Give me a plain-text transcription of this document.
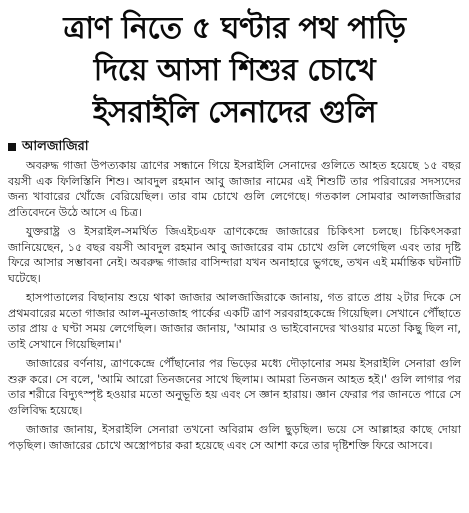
ত্রাণ নিতে ৫ ঘণ্টার পথ পাড়ি
দিয়ে আসা শিশুর চোখে
ইসরাইলি সেনাদের গুলি
আলজাজিরা

অবরুদ্ধ গাজা উপত্যকায় ত্রাণের সন্ধানে গিয়ে ইসরাইলি সেনাদের গুলিতে আহত হয়েছে ১৫ বছর বয়সী এক ফিলিস্তিনি শিশু। আবদুল রহমান আবু জাজার নামের এই শিশুটি তার পরিবারের সদস্যদের জন্য খাবারের খোঁজে বেরিয়েছিল। তার বাম চোখে গুলি লেগেছে। গতকাল সোমবার আলজাজিরার প্রতিবেদনে উঠে আসে এ চিত্র।

যুক্তরাষ্ট্র ও ইসরাইল-সমর্থিত জিএইচএফ ত্রাণকেন্দ্রে জাজারের চিকিৎসা চলছে। চিকিৎসকরা জানিয়েছেন, ১৫ বছর বয়সী আবদুল রহমান আবু জাজারের বাম চোখে গুলি লেগেছিল এবং তার দৃষ্টি ফিরে আসার সম্ভাবনা নেই। অবরুদ্ধ গাজার বাসিন্দারা যখন অনাহারে ভুগছে, তখন এই মর্মান্তিক ঘটনাটি ঘটেছে।

হাসপাতালের বিছানায় শুয়ে থাকা জাজার আলজাজিরাকে জানায়, গত রাতে প্রায় ২টার দিকে সে প্রথমবারের মতো গাজার আল-মুনতাজাহ পার্কের একটি ত্রাণ সরবরাহকেন্দ্রে গিয়েছিল। সেখানে পৌঁছাতে তার প্রায় ৫ ঘণ্টা সময় লেগেছিল। জাজার জানায়, 'আমার ও ভাইবোনদের খাওয়ার মতো কিছু ছিল না, তাই সেখানে গিয়েছিলাম।'

জাজারের বর্ণনায়, ত্রাণকেন্দ্রে পৌঁছানোর পর ভিড়ের মধ্যে দৌড়ানোর সময় ইসরাইলি সেনারা গুলি শুরু করে। সে বলে, 'আমি আরো তিনজনের সাথে ছিলাম। আমরা তিনজন আহত হই।' গুলি লাগার পর তার শরীরে বিদ্যুৎস্পৃষ্ট হওয়ার মতো অনুভূতি হয় এবং সে জ্ঞান হারায়। জ্ঞান ফেরার পর জানতে পারে সে গুলিবিদ্ধ হয়েছে।

জাজার জানায়, ইসরাইলি সেনারা তখনো অবিরাম গুলি ছুড়ছিল। ভয়ে সে আল্লাহর কাছে দোয়া পড়ছিল। জাজারের চোখে অস্ত্রোপচার করা হয়েছে এবং সে আশা করে তার দৃষ্টিশক্তি ফিরে আসবে।
